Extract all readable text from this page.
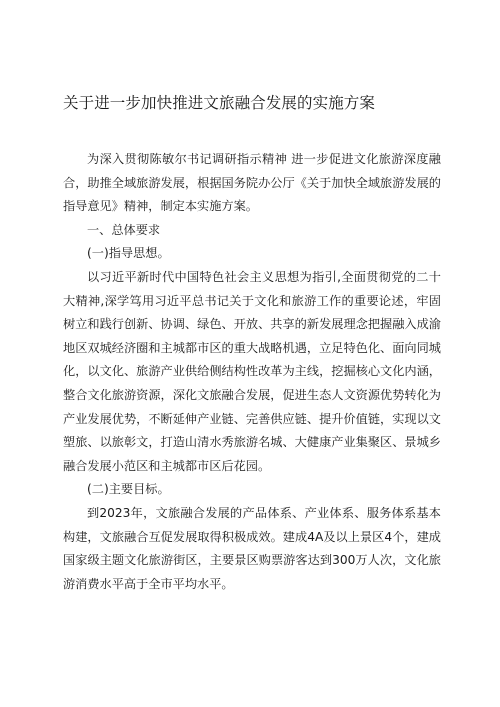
关于进一步加快推进文旅融合发展的实施方案

为深入贯彻陈敏尔书记调研指示精神 进一步促进文化旅游深度融合，助推全域旅游发展，根据国务院办公厅《关于加快全域旅游发展的指导意见》精神，制定本实施方案。

一、总体要求

(一)指导思想。

以习近平新时代中国特色社会主义思想为指引,全面贯彻党的二十大精神,深学笃用习近平总书记关于文化和旅游工作的重要论述，牢固树立和践行创新、协调、绿色、开放、共享的新发展理念把握融入成渝地区双城经济圈和主城都市区的重大战略机遇，立足特色化、面向同城化，以文化、旅游产业供给侧结构性改革为主线，挖掘核心文化内涵，整合文化旅游资源，深化文旅融合发展，促进生态人文资源优势转化为产业发展优势，不断延伸产业链、完善供应链、提升价值链，实现以文塑旅、以旅彰文，打造山清水秀旅游名城、大健康产业集聚区、景城乡融合发展小范区和主城都市区后花园。

(二)主要目标。

到2023年，文旅融合发展的产品体系、产业体系、服务体系基本构建，文旅融合互促发展取得积极成效。建成4A及以上景区4个，建成国家级主题文化旅游街区，主要景区购票游客达到300万人次，文化旅游消费水平高于全市平均水平。
